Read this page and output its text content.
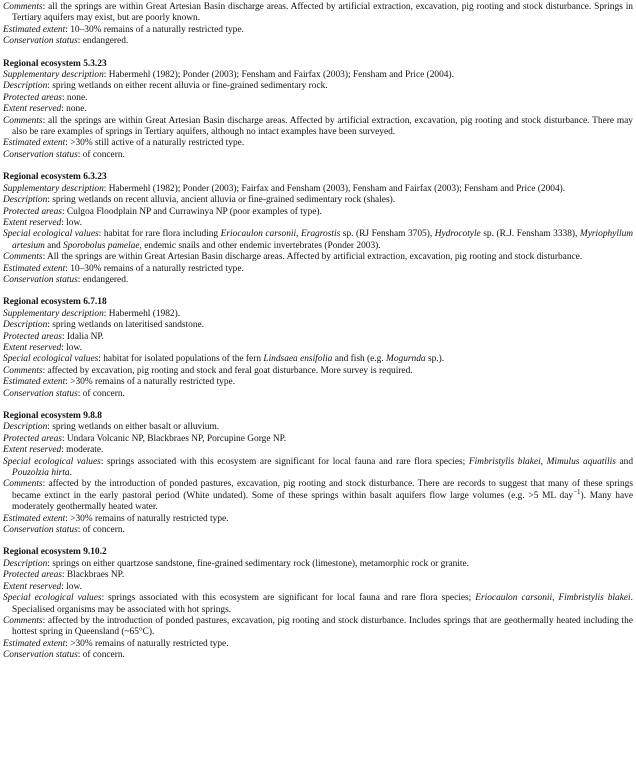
Comments: all the springs are within Great Artesian Basin discharge areas. Affected by artificial extraction, excavation, pig rooting and stock disturbance. Springs in Tertiary aquifers may exist, but are poorly known.

Estimated extent: 10–30% remains of a naturally restricted type.

Conservation status: endangered.

Regional ecosystem 5.3.23

Supplementary description: Habermehl (1982); Ponder (2003); Fensham and Fairfax (2003); Fensham and Price (2004).

Description: spring wetlands on either recent alluvia or fine-grained sedimentary rock.

Protected areas: none.

Extent reserved: none.

Comments: all the springs are within Great Artesian Basin discharge areas. Affected by artificial extraction, excavation, pig rooting and stock disturbance. There may also be rare examples of springs in Tertiary aquifers, although no intact examples have been surveyed.

Estimated extent: >30% still active of a naturally restricted type.

Conservation status: of concern.

Regional ecosystem 6.3.23

Supplementary description: Habermehl (1982); Ponder (2003); Fairfax and Fensham (2003), Fensham and Fairfax (2003); Fensham and Price (2004).

Description: spring wetlands on recent alluvia, ancient alluvia or fine-grained sedimentary rock (shales).

Protected areas: Culgoa Floodplain NP and Currawinya NP (poor examples of type).

Extent reserved: low.

Special ecological values: habitat for rare flora including Eriocaulon carsonii, Eragrostis sp. (RJ Fensham 3705), Hydrocotyle sp. (R.J. Fensham 3338), Myriophyllum artesium and Sporobolus pamelae, endemic snails and other endemic invertebrates (Ponder 2003).

Comments: All the springs are within Great Artesian Basin discharge areas. Affected by artificial extraction, excavation, pig rooting and stock disturbance.

Estimated extent: 10–30% remains of a naturally restricted type.

Conservation status: endangered.

Regional ecosystem 6.7.18

Supplementary description: Habermehl (1982).

Description: spring wetlands on lateritised sandstone.

Protected areas: Idalia NP.

Extent reserved: low.

Special ecological values: habitat for isolated populations of the fern Lindsaea ensifolia and fish (e.g. Mogurnda sp.).

Comments: affected by excavation, pig rooting and stock and feral goat disturbance. More survey is required.

Estimated extent: >30% remains of a naturally restricted type.

Conservation status: of concern.

Regional ecosystem 9.8.8

Description: spring wetlands on either basalt or alluvium.

Protected areas: Undara Volcanic NP, Blackbraes NP, Porcupine Gorge NP.

Extent reserved: moderate.

Special ecological values: springs associated with this ecosystem are significant for local fauna and rare flora species; Fimbristylis blakei, Mimulus aquatilis and Pouzolzia hirta.

Comments: affected by the introduction of ponded pastures, excavation, pig rooting and stock disturbance. There are records to suggest that many of these springs became extinct in the early pastoral period (White undated). Some of these springs within basalt aquifers flow large volumes (e.g. >5 ML day$^{-1}$). Many have moderately geothermally heated water.

Estimated extent: >30% remains of naturally restricted type.

Conservation status: of concern.

Regional ecosystem 9.10.2

Description: springs on either quartzose sandstone, fine-grained sedimentary rock (limestone), metamorphic rock or granite.

Protected areas: Blackbraes NP.

Extent reserved: low.

Special ecological values: springs associated with this ecosystem are significant for local fauna and rare flora species; Eriocaulon carsonii, Fimbristylis blakei. Specialised organisms may be associated with hot springs.

Comments: affected by the introduction of ponded pastures, excavation, pig rooting and stock disturbance. Includes springs that are geothermally heated including the hottest spring in Queensland (~65°C).

Estimated extent: >30% remains of naturally restricted type.

Conservation status: of concern.
